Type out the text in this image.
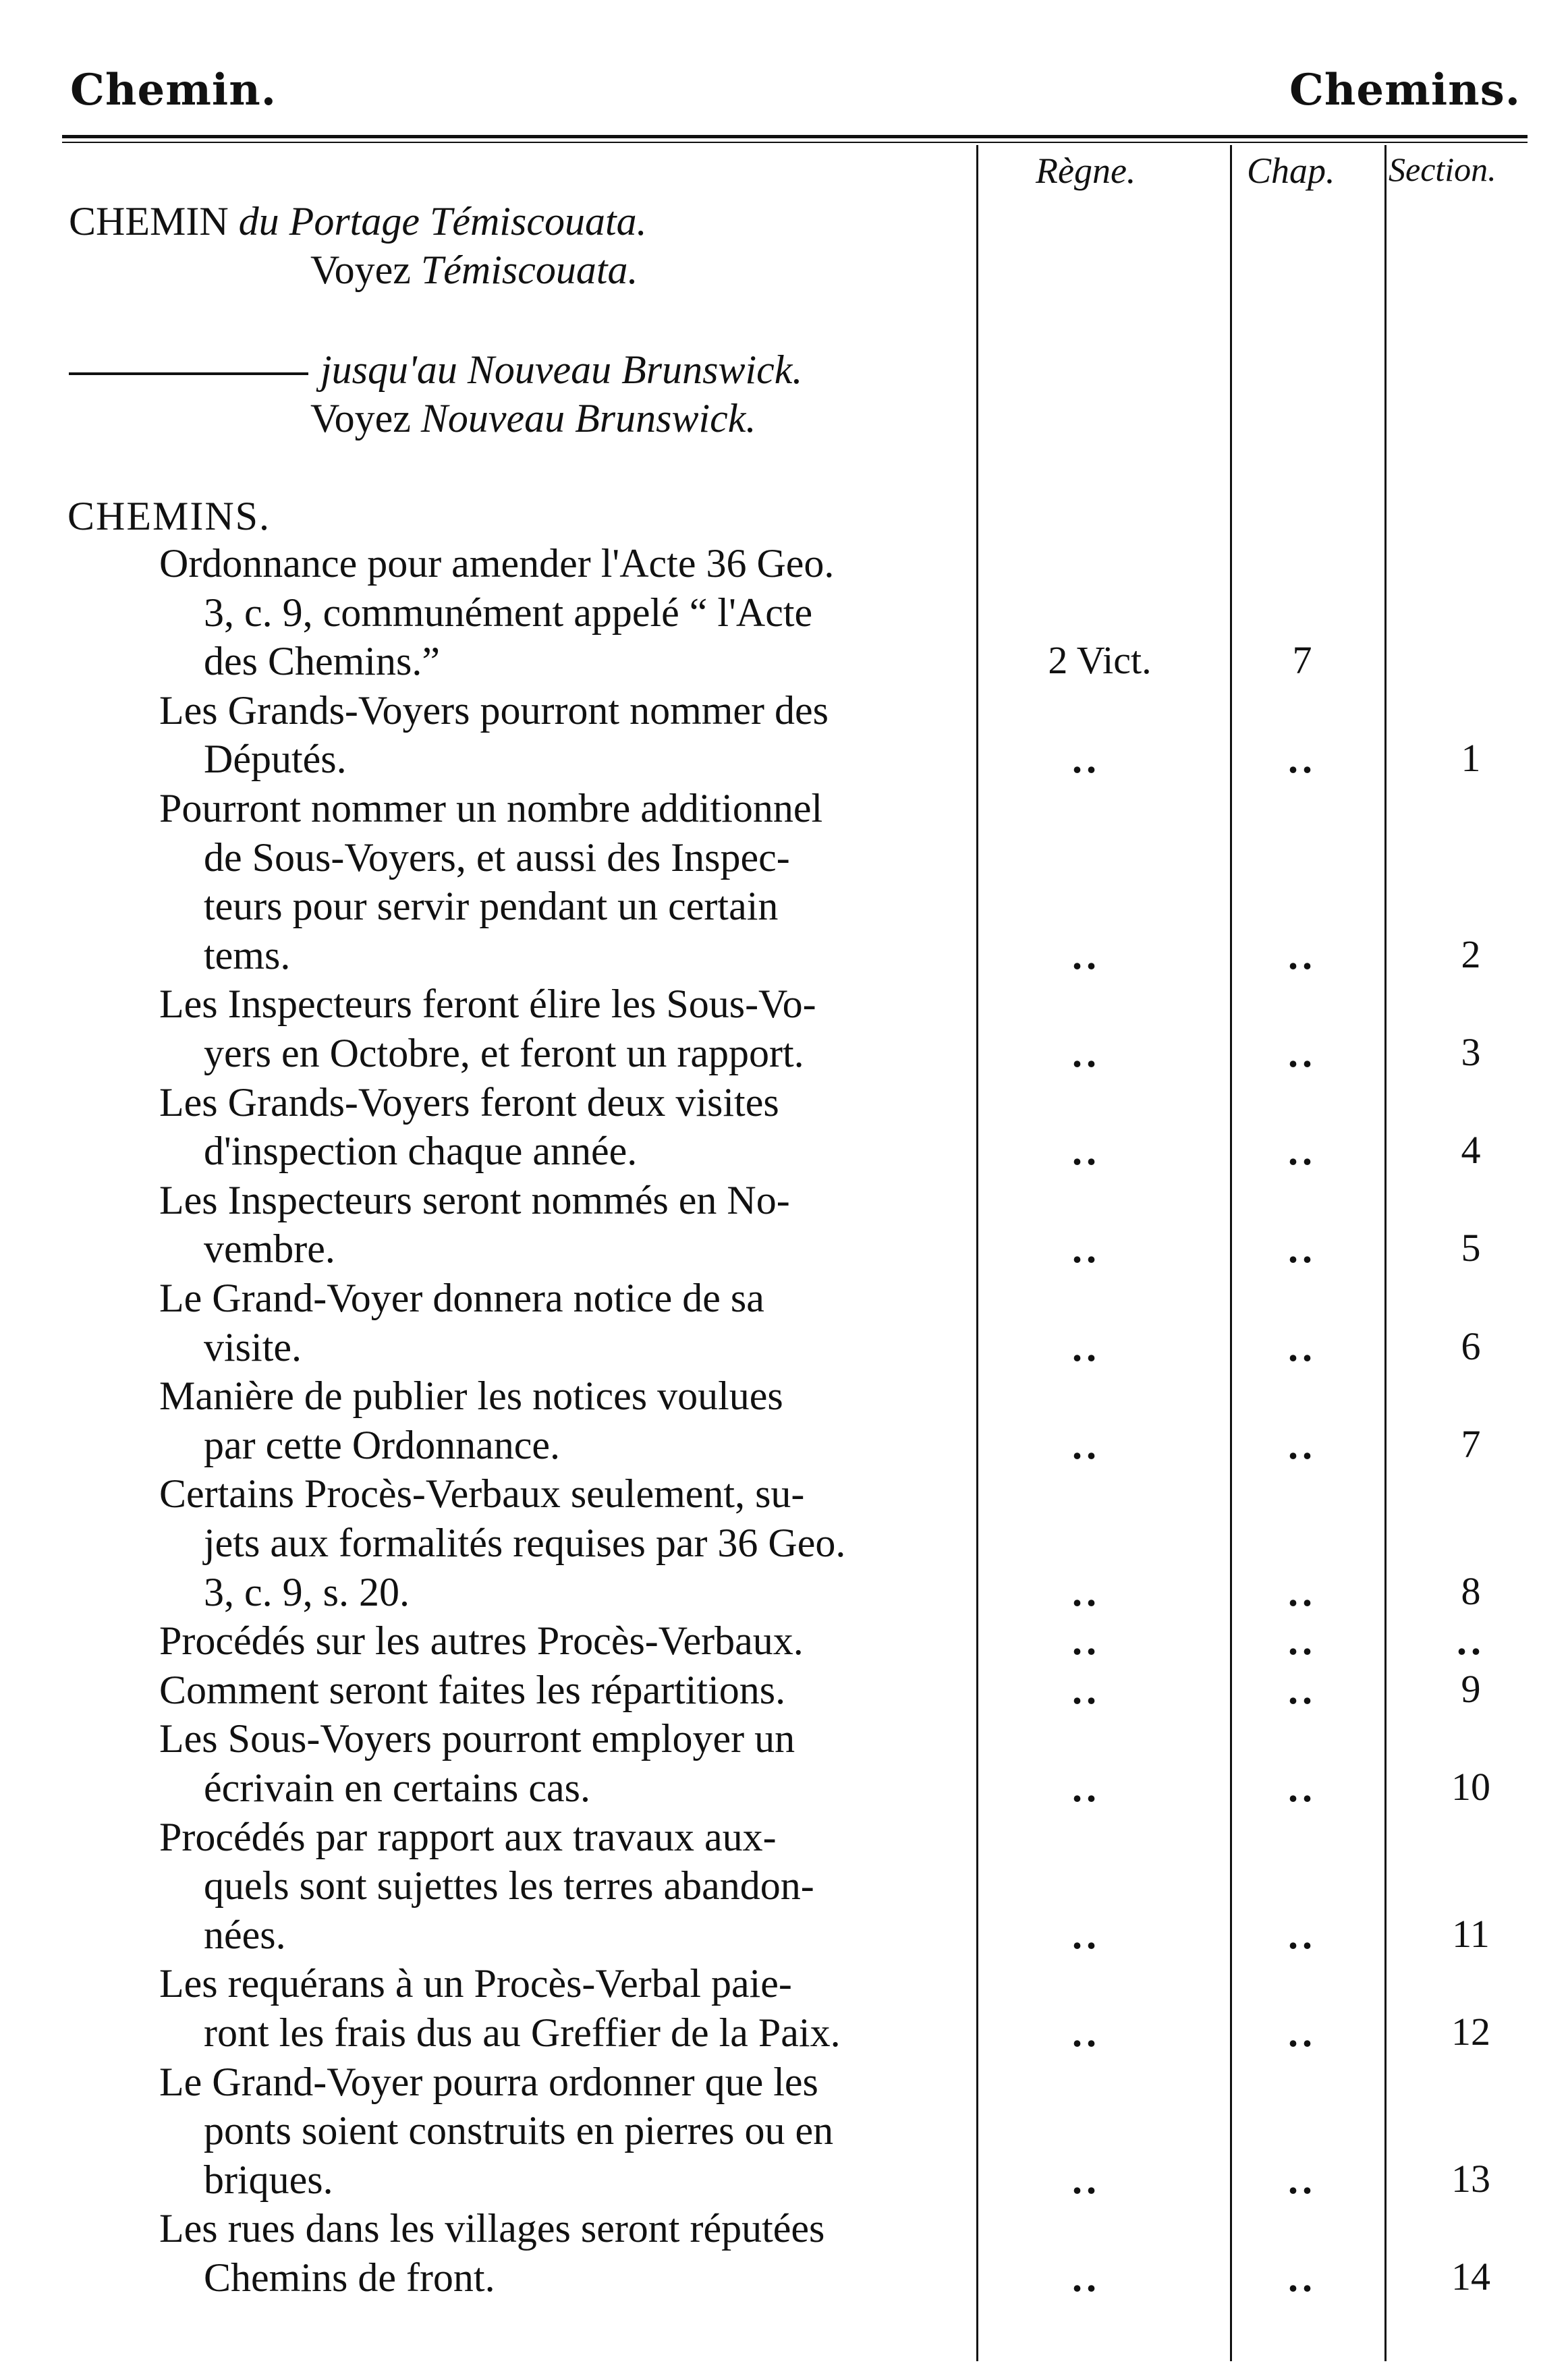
Chemin.	Chemins.
Règne.	Chap. Section.
CHEMIN du Portage Témiscouata.
Voyez Témiscouata.
jusqu'au Nouveau Brunswick.
Voyez Nouveau Brunswick.
CHEMINS.
Ordonnance pour amender l'Acte 36 Geo.
3, c. 9, communément appelé “ l'Acte
des Chemins.”	2 Vict.	7
Les Grands-Voyers pourront nommer des
Députés.	..	..	1
Pourront nommer un nombre additionnel
de Sous-Voyers, et aussi des Inspec-
teurs pour servir pendant un certain
tems.	..	..	2
Les Inspecteurs feront élire les Sous-Vo-
yers en Octobre, et feront un rapport.	..	..	3
Les Grands-Voyers feront deux visites
d'inspection chaque année.	..	..	4
Les Inspecteurs seront nommés en No-
vembre.	..	..	5
Le Grand-Voyer donnera notice de sa
visite.	..	..	6
Manière de publier les notices voulues
par cette Ordonnance.	..	..	7
Certains Procès-Verbaux seulement, su-
jets aux formalités requises par 36 Geo.
3, c. 9, s. 20.	..	..	8
Procédés sur les autres Procès-Verbaux.	..	..	..
Comment seront faites les répartitions.	..	..	9
Les Sous-Voyers pourront employer un
écrivain en certains cas.	..	..	10
Procédés par rapport aux travaux aux-
quels sont sujettes les terres abandon-
nées.	..	..	11
Les requérans à un Procès-Verbal paie-
ront les frais dus au Greffier de la Paix.	..	..	12
Le Grand-Voyer pourra ordonner que les
ponts soient construits en pierres ou en
briques.	..	..	13
Les rues dans les villages seront réputées
Chemins de front.	..	..	14
